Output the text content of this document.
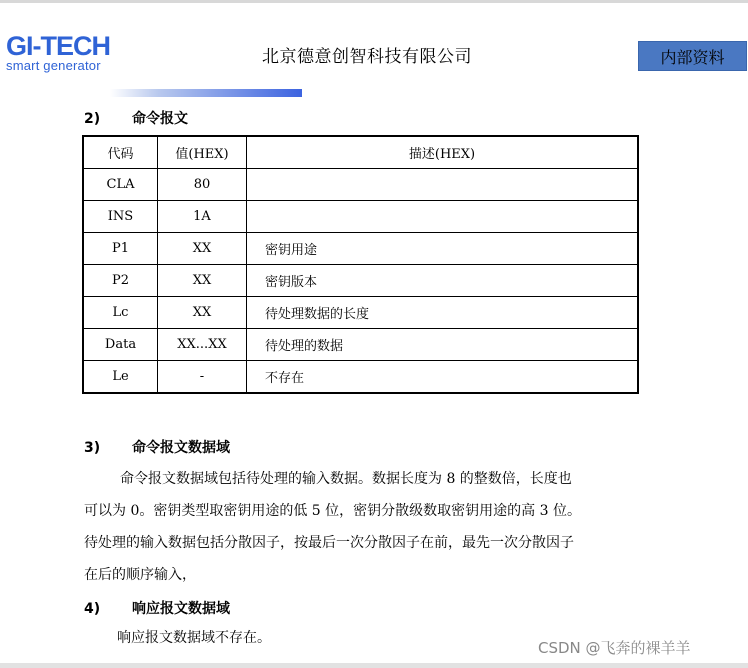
GI-TECH
smart generator	北京德意创智科技有限公司	内部资料
2) 命令报文
代码	值(HEX)	描述(HEX)
CLA	80	
INS	1A	
P1	XX	密钥用途
P2	XX	密钥版本
Lc	XX	待处理数据的长度
Data	XX...XX	待处理的数据
Le	-	不存在
3) 命令报文数据域
命令报文数据域包括待处理的输入数据。数据长度为 8 的整数倍，长度也
可以为 0。密钥类型取密钥用途的低 5 位，密钥分散级数取密钥用途的高 3 位。
待处理的输入数据包括分散因子，按最后一次分散因子在前，最先一次分散因子
在后的顺序输入，
4) 响应报文数据域
响应报文数据域不存在。
CSDN @飞奔的裸羊羊
